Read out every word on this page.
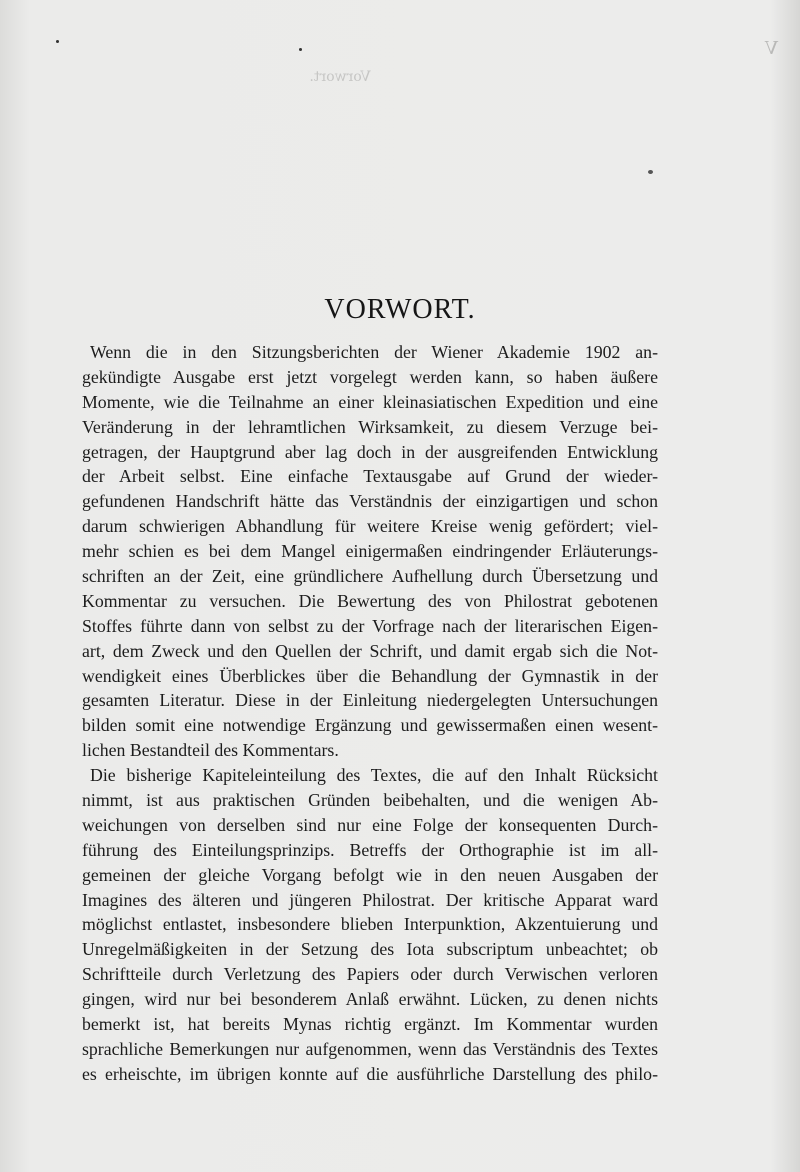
V

Vorwort.

VORWORT.
Wenn die in den Sitzungsberichten der Wiener Akademie 1902 an-
gekündigte Ausgabe erst jetzt vorgelegt werden kann, so haben äußere
Momente, wie die Teilnahme an einer kleinasiatischen Expedition und eine
Veränderung in der lehramtlichen Wirksamkeit, zu diesem Verzuge bei-
getragen, der Hauptgrund aber lag doch in der ausgreifenden Entwicklung
der Arbeit selbst. Eine einfache Textausgabe auf Grund der wieder-
gefundenen Handschrift hätte das Verständnis der einzigartigen und schon
darum schwierigen Abhandlung für weitere Kreise wenig gefördert; viel-
mehr schien es bei dem Mangel einigermaßen eindringender Erläuterungs-
schriften an der Zeit, eine gründlichere Aufhellung durch Übersetzung und
Kommentar zu versuchen. Die Bewertung des von Philostrat gebotenen
Stoffes führte dann von selbst zu der Vorfrage nach der literarischen Eigen-
art, dem Zweck und den Quellen der Schrift, und damit ergab sich die Not-
wendigkeit eines Überblickes über die Behandlung der Gymnastik in der
gesamten Literatur. Diese in der Einleitung niedergelegten Untersuchungen
bilden somit eine notwendige Ergänzung und gewissermaßen einen wesent-
lichen Bestandteil des Kommentars.
Die bisherige Kapiteleinteilung des Textes, die auf den Inhalt Rücksicht
nimmt, ist aus praktischen Gründen beibehalten, und die wenigen Ab-
weichungen von derselben sind nur eine Folge der konsequenten Durch-
führung des Einteilungsprinzips. Betreffs der Orthographie ist im all-
gemeinen der gleiche Vorgang befolgt wie in den neuen Ausgaben der
Imagines des älteren und jüngeren Philostrat. Der kritische Apparat ward
möglichst entlastet, insbesondere blieben Interpunktion, Akzentuierung und
Unregelmäßigkeiten in der Setzung des Iota subscriptum unbeachtet; ob
Schriftteile durch Verletzung des Papiers oder durch Verwischen verloren
gingen, wird nur bei besonderem Anlaß erwähnt. Lücken, zu denen nichts
bemerkt ist, hat bereits Mynas richtig ergänzt. Im Kommentar wurden
sprachliche Bemerkungen nur aufgenommen, wenn das Verständnis des Textes
es erheischte, im übrigen konnte auf die ausführliche Darstellung des philo-
